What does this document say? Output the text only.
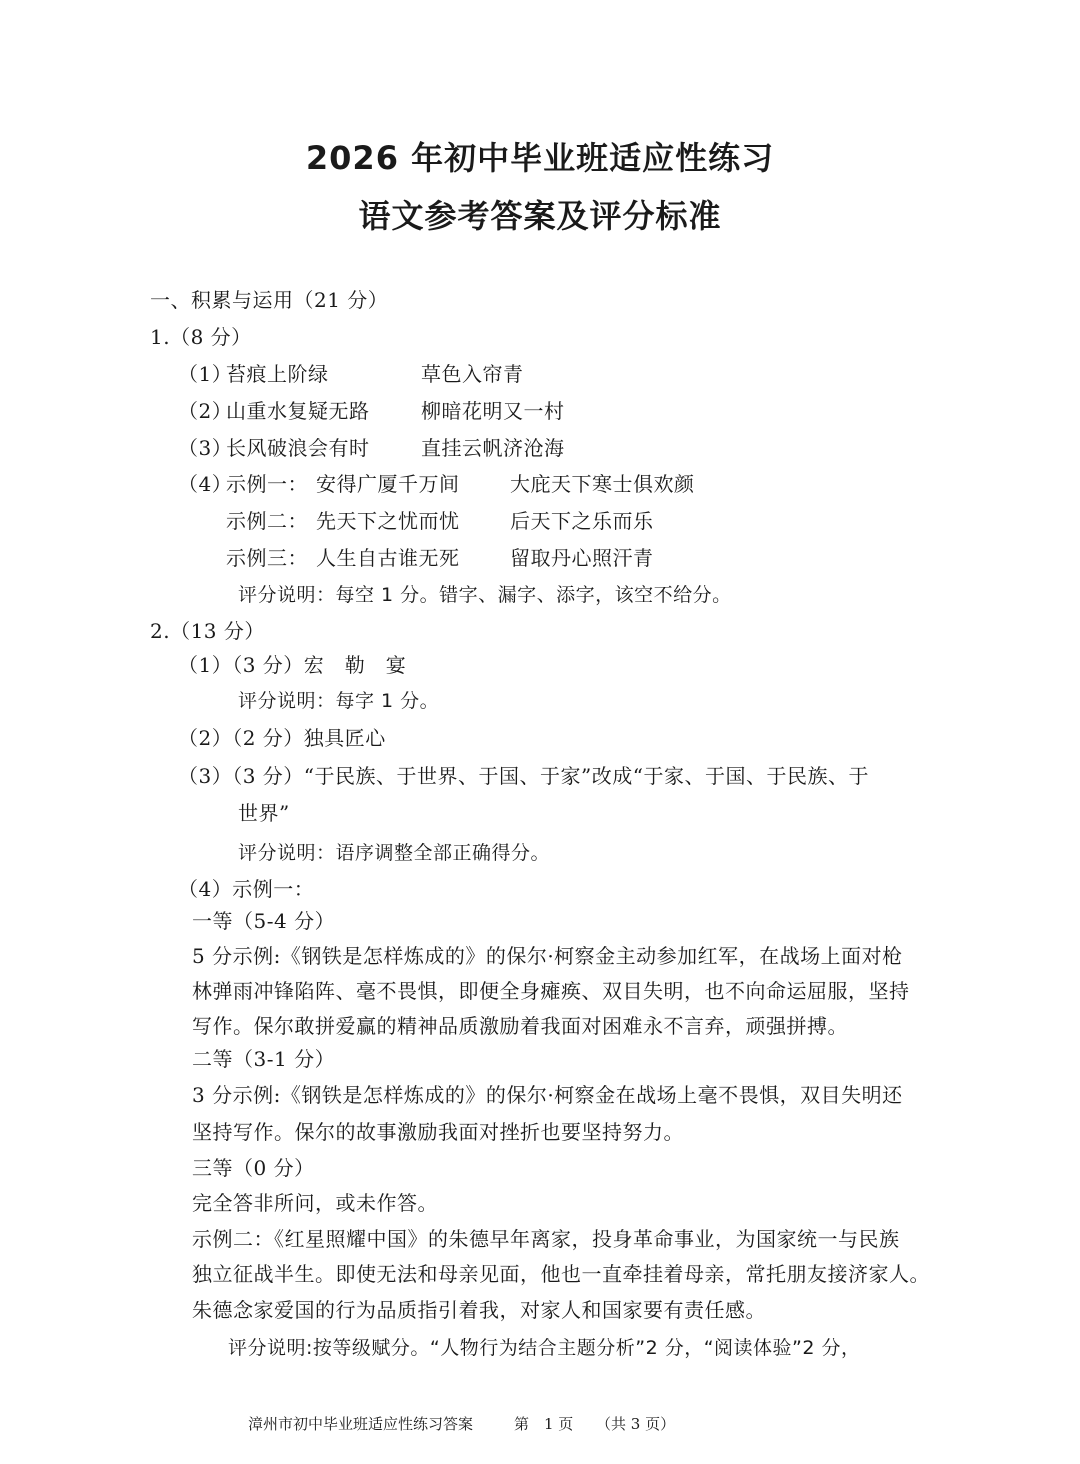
2026 年初中毕业班适应性练习
语文参考答案及评分标准
一、积累与运用（21 分）
1.（8 分）
（1）
苔痕上阶绿	草色入帘青
（2）
山重水复疑无路	柳暗花明又一村
（3）
长风破浪会有时	直挂云帆济沧海
（4）
示例一： 安得广厦千万间	大庇天下寒士俱欢颜
示例二： 先天下之忧而忧	后天下之乐而乐
示例三： 人生自古谁无死	留取丹心照汗青
评分说明：每空 1 分。错字、漏字、添字，该空不给分。
2.（13 分）
（1）（3 分）宏　勒　宴
评分说明：每字 1 分。
（2）（2 分）独具匠心
（3）（3 分）“于民族、于世界、于国、于家”改成“于家、于国、于民族、于
世界”
评分说明：语序调整全部正确得分。
（4）示例一：
一等（5-4 分）
5 分示例:《钢铁是怎样炼成的》的保尔·柯察金主动参加红军，在战场上面对枪
林弹雨冲锋陷阵、毫不畏惧，即便全身瘫痪、双目失明，也不向命运屈服，坚持
写作。保尔敢拼爱赢的精神品质激励着我面对困难永不言弃，顽强拼搏。
二等（3-1 分）
3 分示例:《钢铁是怎样炼成的》的保尔·柯察金在战场上毫不畏惧，双目失明还
坚持写作。保尔的故事激励我面对挫折也要坚持努力。
三等（0 分）
完全答非所问，或未作答。
示例二：《红星照耀中国》的朱德早年离家，投身革命事业，为国家统一与民族
独立征战半生。即使无法和母亲见面，他也一直牵挂着母亲，常托朋友接济家人。
朱德念家爱国的行为品质指引着我，对家人和国家要有责任感。
评分说明:按等级赋分。“人物行为结合主题分析”2 分，“阅读体验”2 分，
漳州市初中毕业班适应性练习答案	第　1 页 （共 3 页）
